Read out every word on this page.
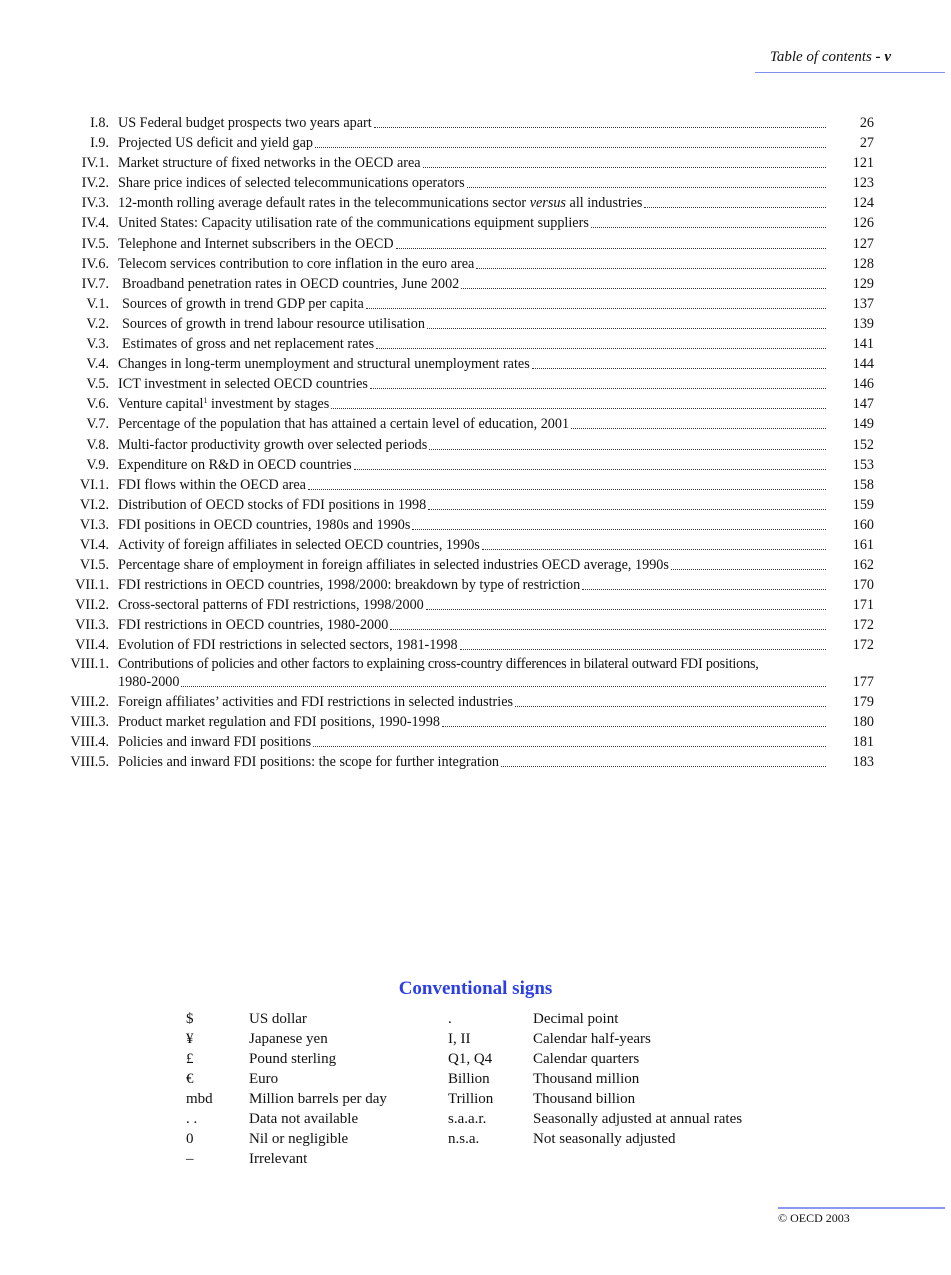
Table of contents - v
I.8. US Federal budget prospects two years apart	26
I.9. Projected US deficit and yield gap	27
IV.1. Market structure of fixed networks in the OECD area	121
IV.2. Share price indices of selected telecommunications operators	123
IV.3. 12-month rolling average default rates in the telecommunications sector versus all industries	124
IV.4. United States: Capacity utilisation rate of the communications equipment suppliers	126
IV.5. Telephone and Internet subscribers in the OECD	127
IV.6. Telecom services contribution to core inflation in the euro area	128
IV.7. Broadband penetration rates in OECD countries, June 2002	129
V.1. Sources of growth in trend GDP per capita	137
V.2. Sources of growth in trend labour resource utilisation	139
V.3. Estimates of gross and net replacement rates	141
V.4. Changes in long-term unemployment and structural unemployment rates	144
V.5. ICT investment in selected OECD countries	146
V.6. Venture capital$^1$ investment by stages	147
V.7. Percentage of the population that has attained a certain level of education, 2001	149
V.8. Multi-factor productivity growth over selected periods	152
V.9. Expenditure on R&D in OECD countries	153
VI.1. FDI flows within the OECD area	158
VI.2. Distribution of OECD stocks of FDI positions in 1998	159
VI.3. FDI positions in OECD countries, 1980s and 1990s	160
VI.4. Activity of foreign affiliates in selected OECD countries, 1990s	161
VI.5. Percentage share of employment in foreign affiliates in selected industries OECD average, 1990s	162
VII.1. FDI restrictions in OECD countries, 1998/2000: breakdown by type of restriction	170
VII.2. Cross-sectoral patterns of FDI restrictions, 1998/2000	171
VII.3. FDI restrictions in OECD countries, 1980-2000	172
VII.4. Evolution of FDI restrictions in selected sectors, 1981-1998	172
VIII.1. Contributions of policies and other factors to explaining cross-country differences in bilateral outward FDI positions,
1980-2000	177
VIII.2. Foreign affiliates’ activities and FDI restrictions in selected industries	179
VIII.3. Product market regulation and FDI positions, 1990-1998	180
VIII.4. Policies and inward FDI positions	181
VIII.5. Policies and inward FDI positions: the scope for further integration	183
Conventional signs
$	US dollar	.	Decimal point
¥	Japanese yen	I, II	Calendar half-years
£	Pound sterling	Q1, Q4	Calendar quarters
€	Euro	Billion	Thousand million
mbd Million barrels per day	Trillion	Thousand billion
. .	Data not available	s.a.a.r.	Seasonally adjusted at annual rates
0	Nil or negligible	n.s.a.	Not seasonally adjusted
–	Irrelevant
© OECD 2003
